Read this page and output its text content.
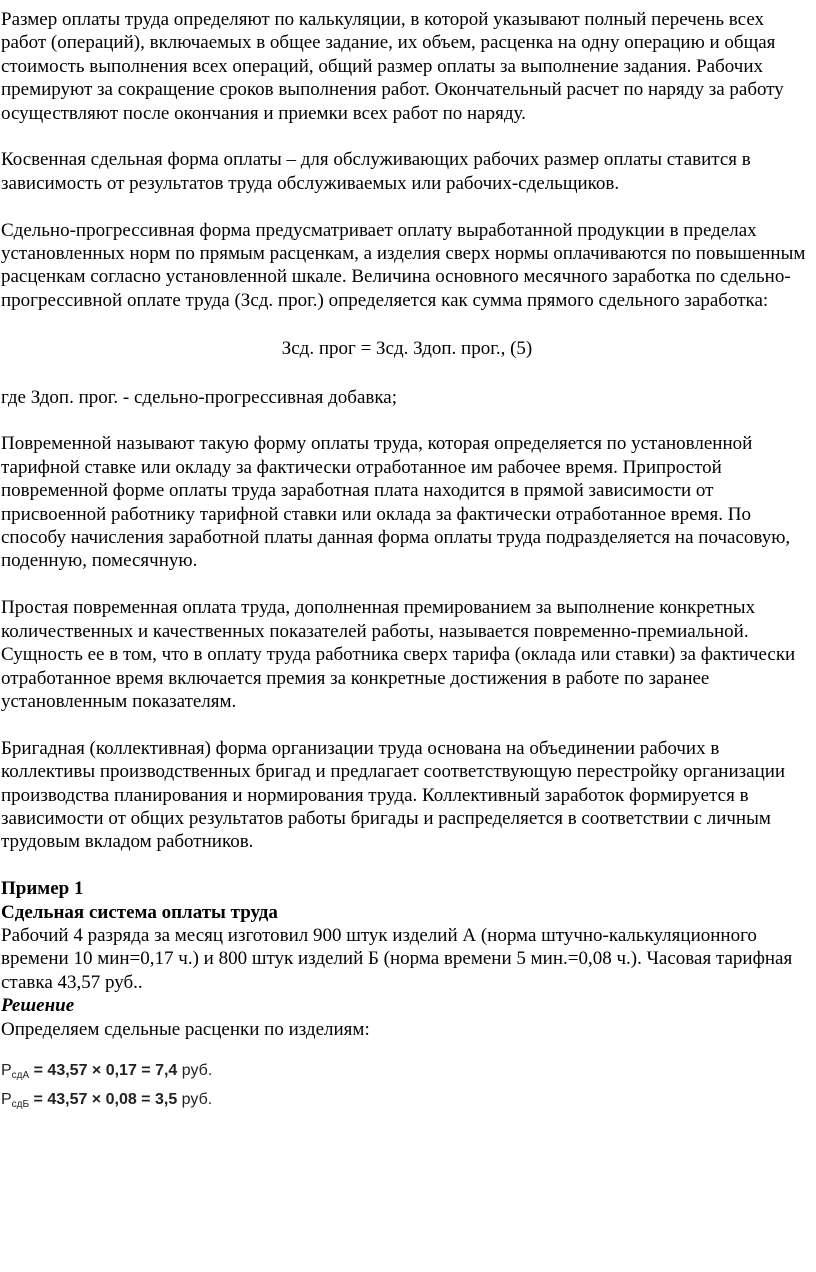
Размер оплаты труда определяют по калькуляции, в которой указывают полный перечень всех работ (операций), включаемых в общее задание, их объем, расценка на одну операцию и общая стоимость выполнения всех операций, общий размер оплаты за выполнение задания. Рабочих премируют за сокращение сроков выполнения работ. Окончательный расчет по наряду за работу осуществляют после окончания и приемки всех работ по наряду.

Косвенная сдельная форма оплаты – для обслуживающих рабочих размер оплаты ставится в зависимость от результатов труда обслуживаемых или рабочих-сдельщиков.

Сдельно-прогрессивная форма предусматривает оплату выработанной продукции в пределах установленных норм по прямым расценкам, а изделия сверх нормы оплачиваются по повышенным расценкам согласно установленной шкале. Величина основного месячного заработка по сдельно-прогрессивной оплате труда (Зсд. прог.) определяется как сумма прямого сдельного заработка:

Зсд. прог = Зсд. Здоп. прог., (5)

где Здоп. прог. - сдельно-прогрессивная добавка;

Повременной называют такую форму оплаты труда, которая определяется по установленной тарифной ставке или окладу за фактически отработанное им рабочее время. Припростой повременной форме оплаты труда заработная плата находится в прямой зависимости от присвоенной работнику тарифной ставки или оклада за фактически отработанное время. По способу начисления заработной платы данная форма оплаты труда подразделяется на почасовую, поденную, помесячную.

Простая повременная оплата труда, дополненная премированием за выполнение конкретных количественных и качественных показателей работы, называется повременно-премиальной. Сущность ее в том, что в оплату труда работника сверх тарифа (оклада или ставки) за фактически отработанное время включается премия за конкретные достижения в работе по заранее установленным показателям.

Бригадная (коллективная) форма организации труда основана на объединении рабочих в коллективы производственных бригад и предлагает соответствующую перестройку организации производства планирования и нормирования труда. Коллективный заработок формируется в зависимости от общих результатов работы бригады и распределяется в соответствии с личным трудовым вкладом работников.

Пример 1
Сдельная система оплаты труда
Рабочий 4 разряда за месяц изготовил 900 штук изделий А (норма штучно-калькуляционного времени 10 мин=0,17 ч.) и 800 штук изделий Б (норма времени 5 мин.=0,08 ч.). Часовая тарифная ставка 43,57 руб..
Решение
Определяем сдельные расценки по изделиям:
$Р_{сдА} = 43,57 \times 0,17 = 7,4$ руб.
$Р_{сдБ} = 43,57 \times 0,08 = 3,5$ руб.
